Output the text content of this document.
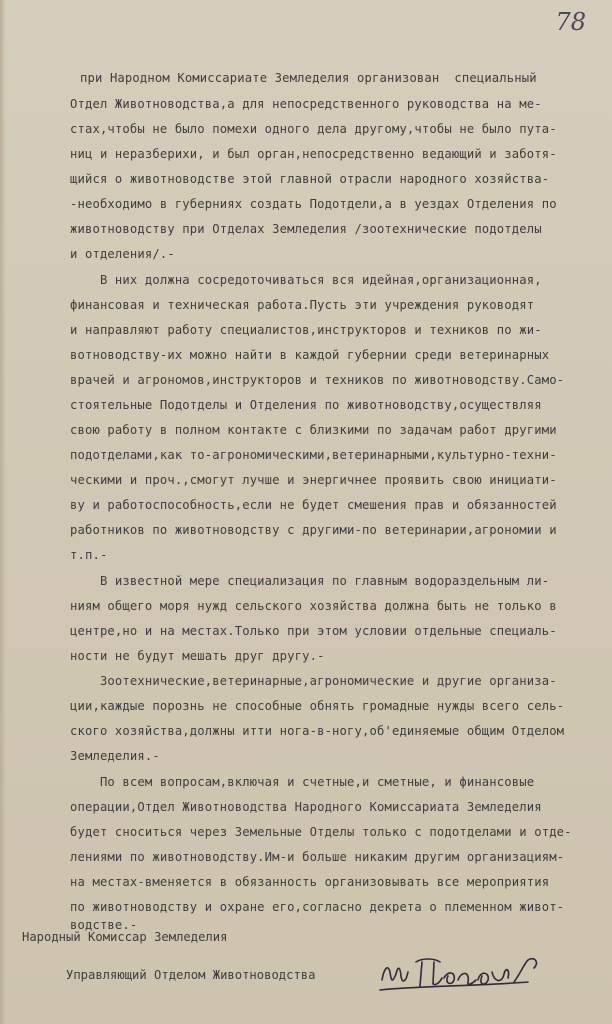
78

при Народном Комиссариате Земледелия организован  специальный

Отдел Животноводства,а для непосредственного руководства на ме-

стах,чтобы не было помехи одного дела другому,чтобы не было пута-

ниц и неразберихи, и был орган,непосредственно ведающий и заботя-

щийся о животноводстве этой главной отрасли народного хозяйства-

-необходимо в губерниях создать Подотдели,а в уездах Отделения по

животноводству при Отделах Земледелия /зоотехнические подотделы

и отделения/.-

В них должна сосредоточиваться вся идейная,организационная,

финансовая и техническая работа.Пусть эти учреждения руководят

и направляют работу специалистов,инструкторов и техников по жи-

вотноводству-их можно найти в каждой губернии среди ветеринарных

врачей и агрономов,инструкторов и техников по животноводству.Само-

стоятельные Подотделы и Отделения по животноводству,осуществляя

свою работу в полном контакте с близкими по задачам работ другими

подотделами,как то-агрономическими,ветеринарными,культурно-техни-

ческими и проч.,смогут лучше и энергичнее проявить свою инициати-

ву и работоспособность,если не будет смешения прав и обязанностей

работников по животноводству с другими-по ветеринарии,агрономии и

т.п.-

В известной мере специализация по главным водораздельным ли-

ниям общего моря нужд сельского хозяйства должна быть не только в

центре,но и на местах.Только при этом условии отдельные специаль-

ности не будут мешать друг другу.-

Зоотехнические,ветеринарные,агрономические и другие организа-

ции,каждые порознь не способные обнять громадные нужды всего сель-

ского хозяйства,должны итти нога-в-ногу,об'единяемые общим Отделом

Земледелия.-

По всем вопросам,включая и счетные,и сметные, и финансовые

операции,Отдел Животноводства Народного Комиссариата Земледелия

будет сноситься через Земельные Отделы только с подотделами и отде-

лениями по животноводству.Им-и больше никаким другим организациям-

на местах-вменяется в обязанность организовывать все мероприятия

по животноводству и охране его,согласно декрета о племенном живот-

водстве.-

Народный Комиссар Земледелия
Управляющий Отделом Животноводства
